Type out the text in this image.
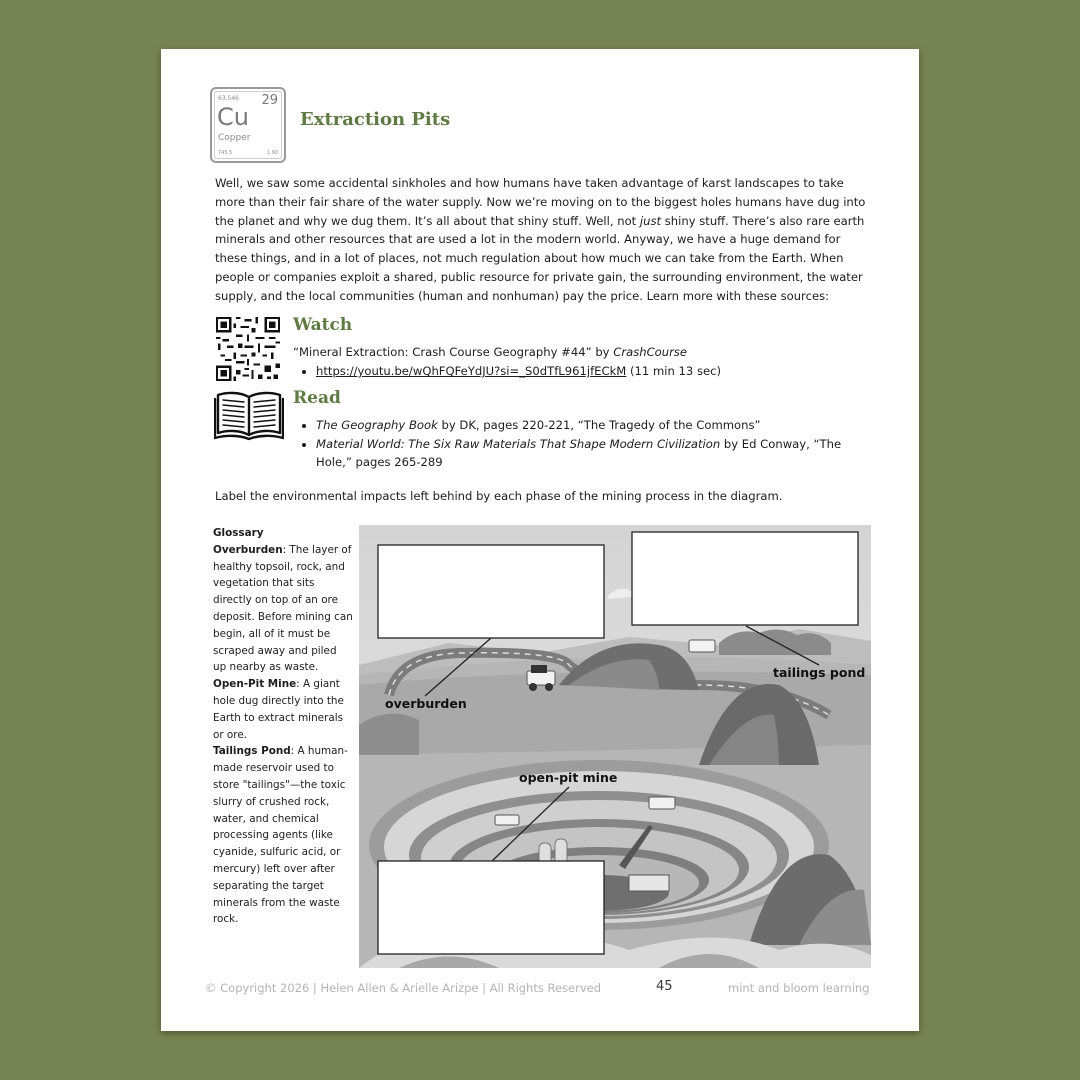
63.546 29
Cu
Copper
745.5	1.90
Extraction Pits

Well, we saw some accidental sinkholes and how humans have taken advantage of karst landscapes to take more than their fair share of the water supply. Now we’re moving on to the biggest holes humans have dug into the planet and why we dug them. It’s all about that shiny stuff. Well, not just shiny stuff. There’s also rare earth minerals and other resources that are used a lot in the modern world. Anyway, we have a huge demand for these things, and in a lot of places, not much regulation about how much we can take from the Earth. When people or companies exploit a shared, public resource for private gain, the surrounding environment, the water supply, and the local communities (human and nonhuman) pay the price. Learn more with these sources:

Watch
“Mineral Extraction: Crash Course Geography #44” by CrashCourse
• https://youtu.be/wQhFQFeYdJU?si=_S0dTfL961jfECkM (11 min 13 sec)
Read
• The Geography Book by DK, pages 220-221, “The Tragedy of the Commons”
• Material World: The Six Raw Materials That Shape Modern Civilization by Ed Conway, “The Hole,” pages 265-289
Label the environmental impacts left behind by each phase of the mining process in the diagram.
Glossary
Overburden: The layer of healthy topsoil, rock, and vegetation that sits directly on top of an ore deposit. Before mining can begin, all of it must be scraped away and piled up nearby as waste.
Open-Pit Mine: A giant hole dug directly into the Earth to extract minerals or ore.
Tailings Pond: A human-made reservoir used to store "tailings"—the toxic slurry of crushed rock, water, and chemical processing agents (like cyanide, sulfuric acid, or mercury) left over after separating the target minerals from the waste rock.
overburden
tailings pond
open-pit mine
© Copyright 2026 | Helen Allen & Arielle Arizpe | All Rights Reserved	45	mint and bloom learning
